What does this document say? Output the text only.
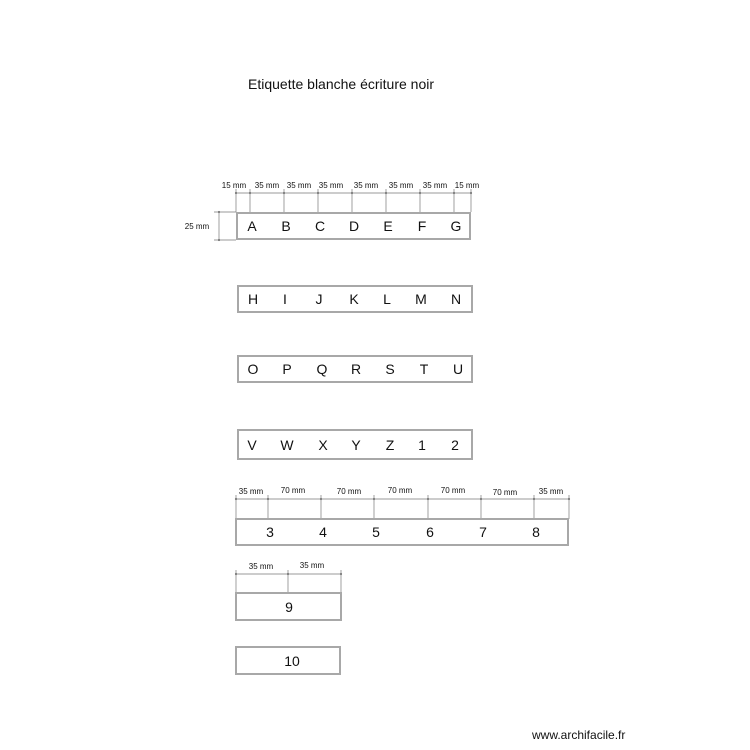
Etiquette blanche écriture noir
15 mm 35 mm 35 mm 35 mm 35 mm 35 mm 35 mm 15 mm
25 mm
35 mm 70 mm	70 mm	70 mm	70 mm	70 mm	35 mm
35 mm	35 mm
A B C D E F G
H I J K L M N
O P Q R S T U
V W X Y Z 1 2
3	4	5	6	7	8
9
10
www.archifacile.fr
